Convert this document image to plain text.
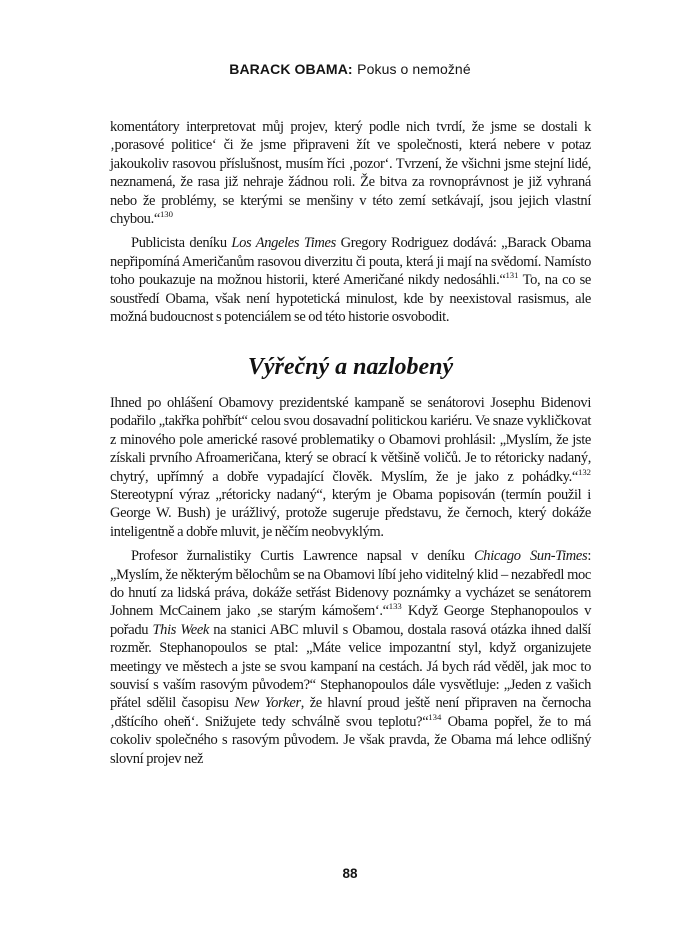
BARACK OBAMA: Pokus o nemožné

komentátory interpretovat můj projev, který podle nich tvrdí, že jsme se dostali k ‚porasové politice‘ či že jsme připraveni žít ve společnosti, která nebere v potaz jakoukoliv rasovou příslušnost, musím říci ‚pozor‘. Tvrzení, že všichni jsme stejní lidé, neznamená, že rasa již nehraje žádnou roli. Že bitva za rovnoprávnost je již vyhraná nebo že problémy, se kterými se menšiny v této zemí setkávají, jsou jejich vlastní chybou.“$^{130}$

Publicista deníku Los Angeles Times Gregory Rodriguez dodává: „Barack Obama nepřipomíná Američanům rasovou diverzitu či pouta, která ji mají na svědomí. Namísto toho poukazuje na možnou historii, které Američané nikdy nedosáhli.“$^{131}$ To, na co se soustředí Obama, však není hypotetická minulost, kde by neexistoval rasismus, ale možná budoucnost s potenciálem se od této historie osvobodit.

Výřečný a nazlobený

Ihned po ohlášení Obamovy prezidentské kampaně se senátorovi Josephu Bidenovi podařilo „takřka pohřbít“ celou svou dosavadní politickou kariéru. Ve snaze vykličkovat z minového pole americké rasové problematiky o Obamovi prohlásil: „Myslím, že jste získali prvního Afroameričana, který se obrací k většině voličů. Je to rétoricky nadaný, chytrý, upřímný a dobře vypadající člověk. Myslím, že je jako z pohádky.“$^{132}$ Stereotypní výraz „rétoricky nadaný“, kterým je Obama popisován (termín použil i George W. Bush) je urážlivý, protože sugeruje představu, že černoch, který dokáže inteligentně a dobře mluvit, je něčím neobvyklým.

Profesor žurnalistiky Curtis Lawrence napsal v deníku Chicago Sun-Times: „Myslím, že některým bělochům se na Obamovi líbí jeho viditelný klid – nezabředl moc do hnutí za lidská práva, dokáže setřást Bidenovy poznámky a vycházet se senátorem Johnem McCainem jako ‚se starým kámošem‘.“$^{133}$ Když George Stephanopoulos v pořadu This Week na stanici ABC mluvil s Obamou, dostala rasová otázka ihned další rozměr. Stephanopoulos se ptal: „Máte velice impozantní styl, když organizujete meetingy ve městech a jste se svou kampaní na cestách. Já bych rád věděl, jak moc to souvisí s vaším rasovým původem?“ Stephanopoulos dále vysvětluje: „Jeden z vašich přátel sdělil časopisu New Yorker, že hlavní proud ještě není připraven na černocha ‚dštícího oheň‘. Snižujete tedy schválně svou teplotu?“$^{134}$ Obama popřel, že to má cokoliv společného s rasovým původem. Je však pravda, že Obama má lehce odlišný slovní projev než

88
